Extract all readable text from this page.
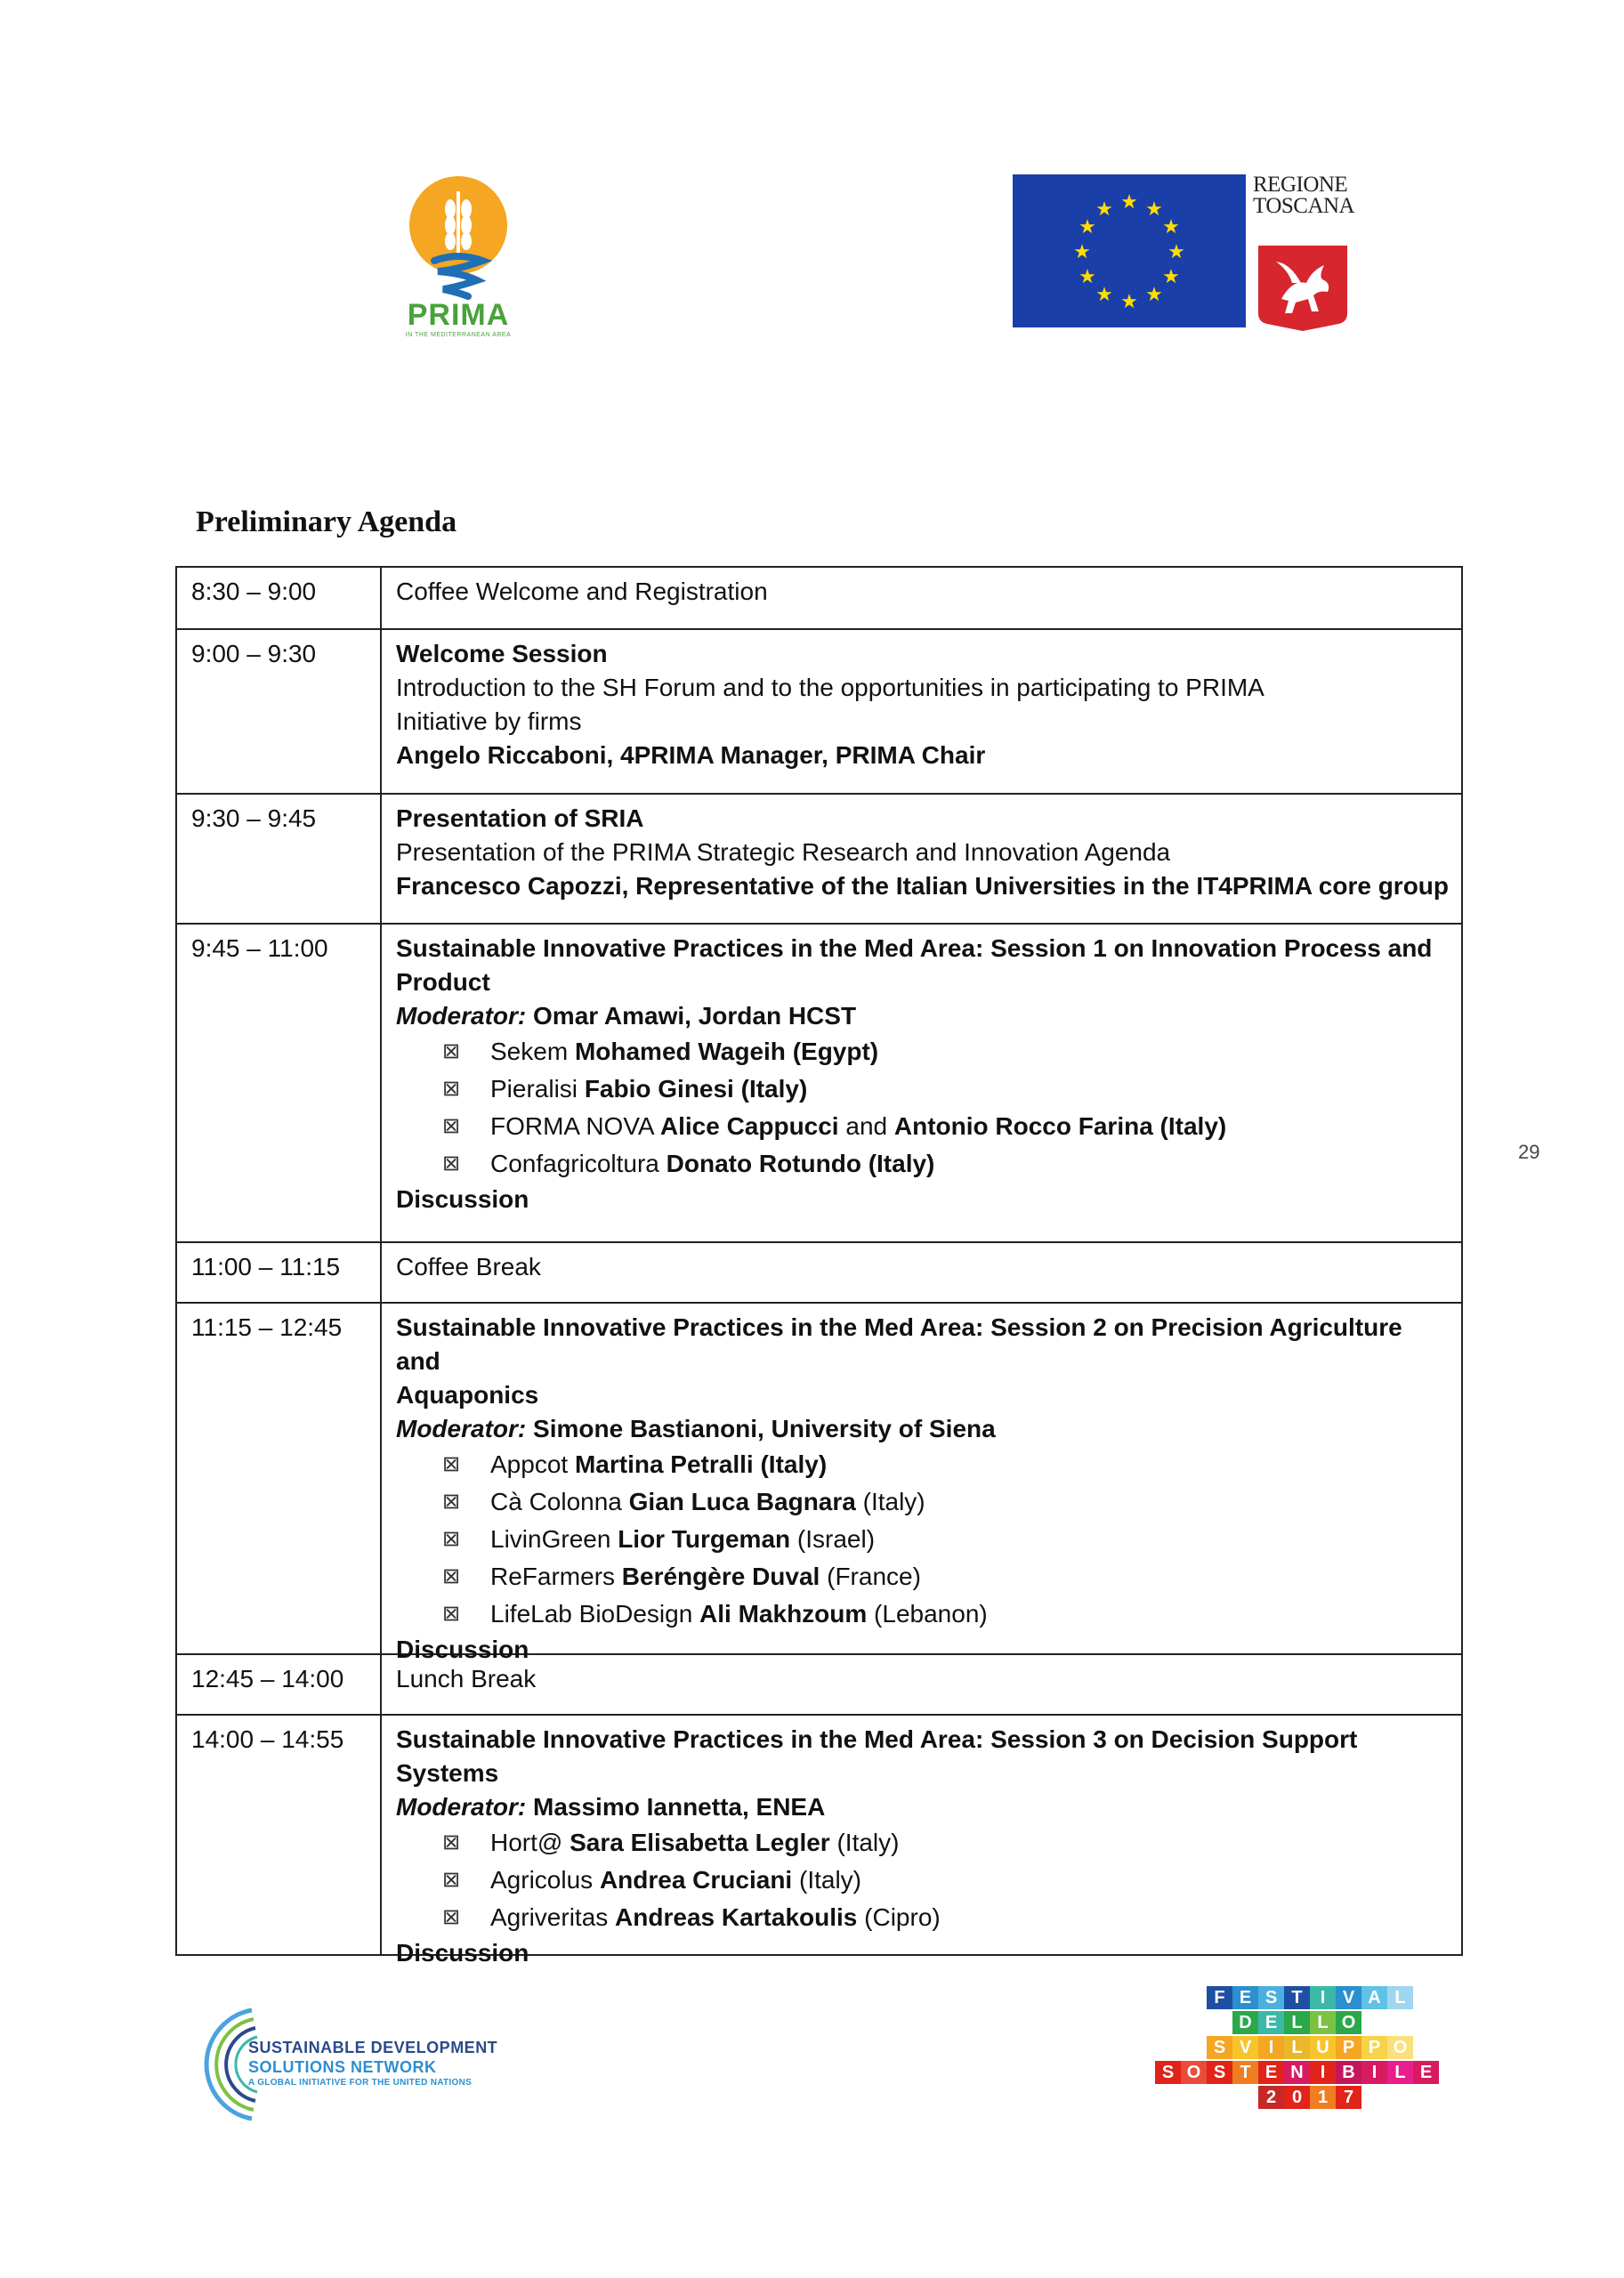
PRIMA
IN THE MEDITERRANEAN AREA
★ ★
★
★
★
★
★
★
★
★
★
★
REGIONE
TOSCANA
Preliminary Agenda
8:30 – 9:00	Coffee Welcome and Registration
9:00 – 9:30	Welcome Session
Introduction to the SH Forum and to the opportunities in participating to PRIMA
Initiative by firms
Angelo Riccaboni, 4PRIMA Manager, PRIMA Chair
9:30 – 9:45	Presentation of SRIA
Presentation of the PRIMA Strategic Research and Innovation Agenda
Francesco Capozzi, Representative of the Italian Universities in the IT4PRIMA core group
9:45 – 11:00	Sustainable Innovative Practices in the Med Area: Session 1 on Innovation Process and
Product
Moderator: Omar Amawi, Jordan HCST
⊠	Sekem Mohamed Wageih (Egypt)
⊠	Pieralisi Fabio Ginesi (Italy)
⊠	FORMA NOVA Alice Cappucci and Antonio Rocco Farina (Italy)
⊠	Confagricoltura Donato Rotundo (Italy)
Discussion
11:00 – 11:15	Coffee Break
11:15 – 12:45	Sustainable Innovative Practices in the Med Area: Session 2 on Precision Agriculture and
Aquaponics
Moderator: Simone Bastianoni, University of Siena
⊠	Appcot Martina Petralli (Italy)
⊠	Cà Colonna Gian Luca Bagnara (Italy)
⊠	LivinGreen Lior Turgeman (Israel)
⊠	ReFarmers Beréngère Duval (France)
⊠	LifeLab BioDesign Ali Makhzoum (Lebanon)
Discussion
12:45 – 14:00	Lunch Break
14:00 – 14:55	Sustainable Innovative Practices in the Med Area: Session 3 on Decision Support Systems
Moderator: Massimo Iannetta, ENEA
⊠	Hort@ Sara Elisabetta Legler (Italy)
⊠	Agricolus Andrea Cruciani (Italy)
⊠	Agriveritas Andreas Kartakoulis (Cipro)
Discussion
29
SUSTAINABLE DEVELOPMENT
SOLUTIONS NETWORK
A GLOBAL INITIATIVE FOR THE UNITED NATIONS
F E S T	I V A L
D E L L O
S V I	L U P P O
S O S T E N I B I	L E
2 0 1 7
